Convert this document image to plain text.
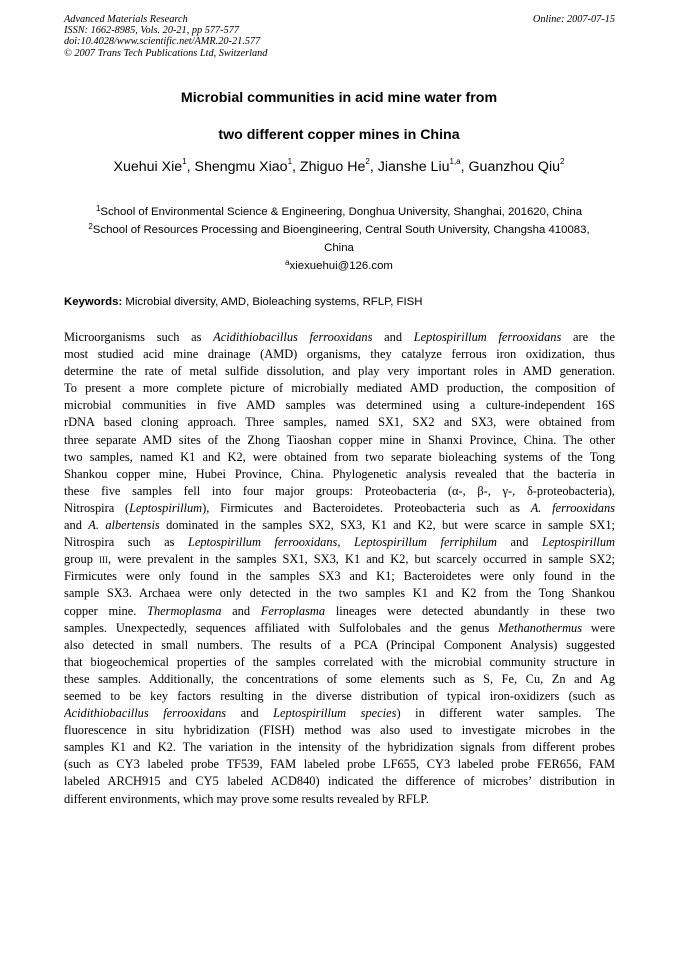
Advanced Materials Research
ISSN: 1662-8985, Vols. 20-21, pp 577-577
doi:10.4028/www.scientific.net/AMR.20-21.577
© 2007 Trans Tech Publications Ltd, Switzerland
Online: 2007-07-15
Microbial communities in acid mine water from
two different copper mines in China
Xuehui Xie$^1$, Shengmu Xiao$^1$, Zhiguo He$^2$, Jianshe Liu$^{1,a}$, Guanzhou Qiu$^2$
$^1$School of Environmental Science & Engineering, Donghua University, Shanghai, 201620, China
$^2$School of Resources Processing and Bioengineering, Central South University, Changsha 410083,
China
$^a$xiexuehui@126.com
Keywords: Microbial diversity, AMD, Bioleaching systems, RFLP, FISH
Microorganisms such as Acidithiobacillus ferrooxidans and Leptospirillum ferrooxidans are the
most studied acid mine drainage (AMD) organisms, they catalyze ferrous iron oxidization, thus
determine the rate of metal sulfide dissolution, and play very important roles in AMD generation.
To present a more complete picture of microbially mediated AMD production, the composition of
microbial communities in five AMD samples was determined using a culture-independent 16S
rDNA based cloning approach. Three samples, named SX1, SX2 and SX3, were obtained from
three separate AMD sites of the Zhong Tiaoshan copper mine in Shanxi Province, China. The other
two samples, named K1 and K2, were obtained from two separate bioleaching systems of the Tong
Shankou copper mine, Hubei Province, China. Phylogenetic analysis revealed that the bacteria in
these five samples fell into four major groups: Proteobacteria (α-, β-, γ-, δ-proteobacteria),
Nitrospira (Leptospirillum), Firmicutes and Bacteroidetes. Proteobacteria such as A. ferrooxidans
and A. albertensis dominated in the samples SX2, SX3, K1 and K2, but were scarce in sample SX1;
Nitrospira such as Leptospirillum ferrooxidans, Leptospirillum ferriphilum and Leptospirillum
group III, were prevalent in the samples SX1, SX3, K1 and K2, but scarcely occurred in sample SX2;
Firmicutes were only found in the samples SX3 and K1; Bacteroidetes were only found in the
sample SX3. Archaea were only detected in the two samples K1 and K2 from the Tong Shankou
copper mine. Thermoplasma and Ferroplasma lineages were detected abundantly in these two
samples. Unexpectedly, sequences affiliated with Sulfolobales and the genus Methanothermus were
also detected in small numbers. The results of a PCA (Principal Component Analysis) suggested
that biogeochemical properties of the samples correlated with the microbial community structure in
these samples. Additionally, the concentrations of some elements such as S, Fe, Cu, Zn and Ag
seemed to be key factors resulting in the diverse distribution of typical iron-oxidizers (such as
Acidithiobacillus ferrooxidans and Leptospirillum species) in different water samples. The
fluorescence in situ hybridization (FISH) method was also used to investigate microbes in the
samples K1 and K2. The variation in the intensity of the hybridization signals from different probes
(such as CY3 labeled probe TF539, FAM labeled probe LF655, CY3 labeled probe FER656, FAM
labeled ARCH915 and CY5 labeled ACD840) indicated the difference of microbes’ distribution in
different environments, which may prove some results revealed by RFLP.
